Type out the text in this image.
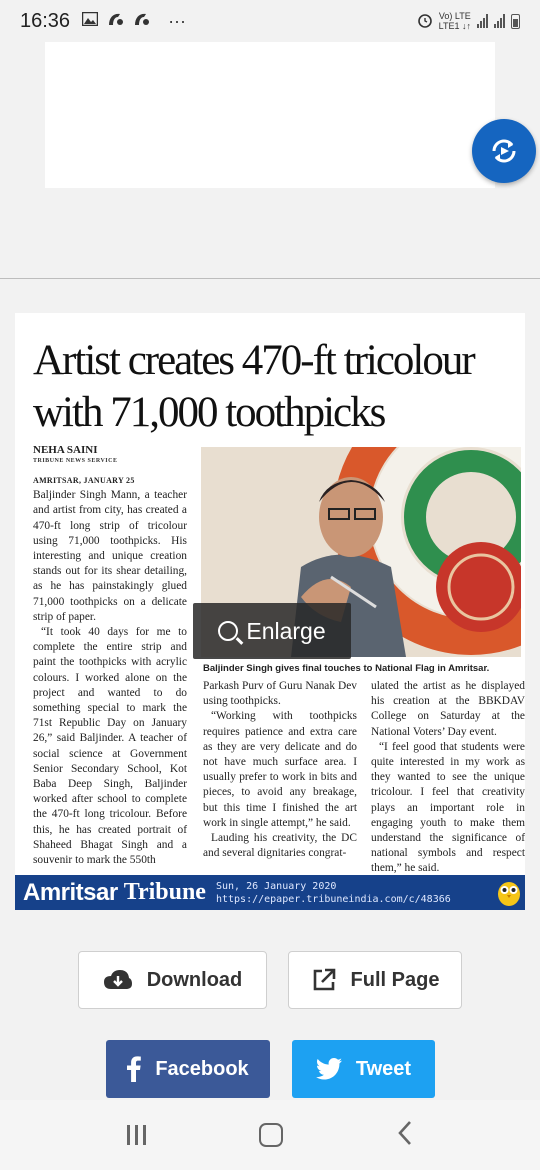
16:36	···	Vo) LTE
LTE1 ↓↑
Artist creates 470-ft tricolour
with 71,000 toothpicks
NEHA SAINI
TRIBUNE NEWS SERVICE

AMRITSAR, JANUARY 25

Baljinder Singh Mann, a teacher and artist from city, has created a 470-ft long strip of tricolour using 71,000 toothpicks. His interesting and unique creation stands out for its shear detailing, as he has painstakingly glued 71,000 toothpicks on a delicate strip of paper.

“It took 40 days for me to complete the entire strip and paint the toothpicks with acrylic colours. I worked alone on the project and wanted to do something special to mark the 71st Republic Day on January 26,” said Baljinder. A teacher of social science at Government Senior Secondary School, Kot Baba Deep Singh, Baljinder worked after school to complete the 470-ft long tricolour. Before this, he has created portrait of Shaheed Bhagat Singh and a souvenir to mark the 550th

Enlarge
Baljinder Singh gives final touches to National Flag in Amritsar.

Parkash Purv of Guru Nanak Dev using toothpicks.

“Working with toothpicks requires patience and extra care as they are very delicate and do not have much surface area. I usually prefer to work in bits and pieces, to avoid any breakage, but this time I finished the art work in single attempt,” he said.

Lauding his creativity, the DC and several dignitaries congrat-

ulated the artist as he displayed his creation at the BBKDAV College on Saturday at the National Voters’ Day event.

“I feel good that students were quite interested in my work as they wanted to see the unique tricolour. I feel that creativity plays an important role in engaging youth to make them understand the significance of national symbols and respect them,” he said.

Amritsar Tribune Sun, 26 January 2020
https://epaper.tribuneindia.com/c/48366
Download	Full Page
Facebook	Tweet
